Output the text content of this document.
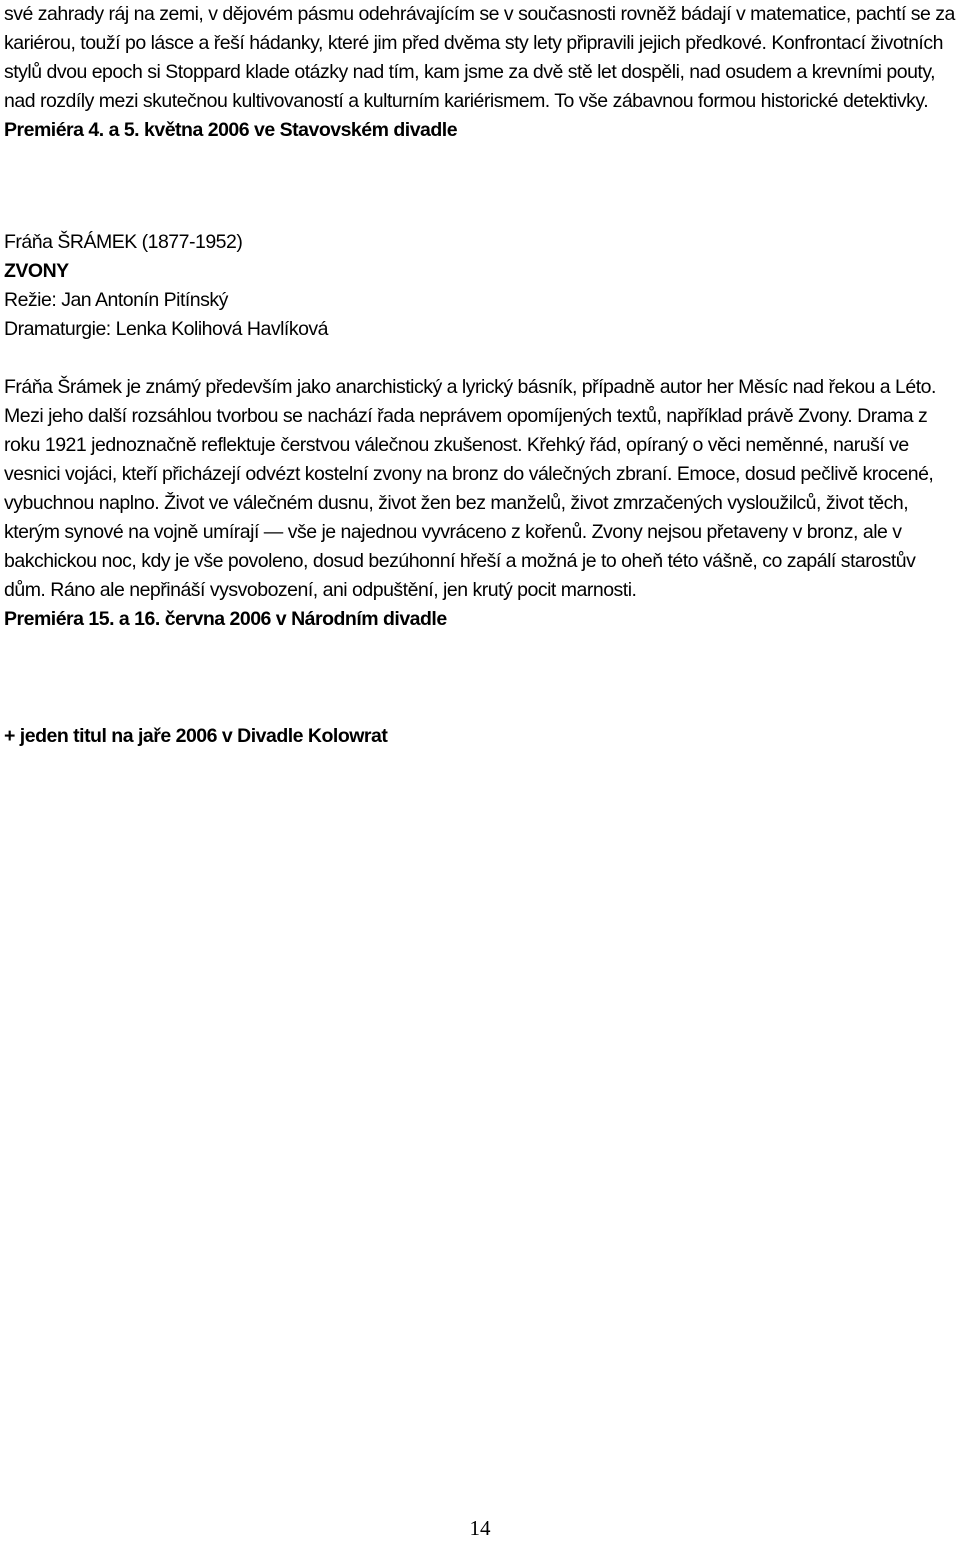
své zahrady ráj na zemi, v dějovém pásmu odehrávajícím se v současnosti rovněž bádají v matematice, pachtí se za kariérou, touží po lásce a řeší hádanky, které jim před dvěma sty lety připravili jejich předkové. Konfrontací životních stylů dvou epoch si Stoppard klade otázky nad tím, kam jsme za dvě stě let dospěli, nad osudem a krevními pouty, nad rozdíly mezi skutečnou kultivovaností a kulturním kariérismem. To vše zábavnou formou historické detektivky.

Premiéra 4. a 5. května 2006 ve Stavovském divadle

Fráňa ŠRÁMEK (1877-1952)

ZVONY

Režie: Jan Antonín Pitínský

Dramaturgie: Lenka Kolihová Havlíková

Fráňa Šrámek je známý především jako anarchistický a lyrický básník, případně autor her Měsíc nad řekou a Léto. Mezi jeho další rozsáhlou tvorbou se nachází řada neprávem opomíjených textů, například právě Zvony. Drama z roku 1921 jednoznačně reflektuje čerstvou válečnou zkušenost. Křehký řád, opíraný o věci neměnné, naruší ve vesnici vojáci, kteří přicházejí odvézt kostelní zvony na bronz do válečných zbraní. Emoce, dosud pečlivě krocené, vybuchnou naplno. Život ve válečném dusnu, život žen bez manželů, život zmrzačených vysloužilců, život těch, kterým synové na vojně umírají — vše je najednou vyvráceno z kořenů. Zvony nejsou přetaveny v bronz, ale v bakchickou noc, kdy je vše povoleno, dosud bezúhonní hřeší a možná je to oheň této vášně, co zapálí starostův dům. Ráno ale nepřináší vysvobození, ani odpuštění, jen krutý pocit marnosti.

Premiéra 15. a 16. června 2006 v Národním divadle

+ jeden titul na jaře 2006 v Divadle Kolowrat

14
